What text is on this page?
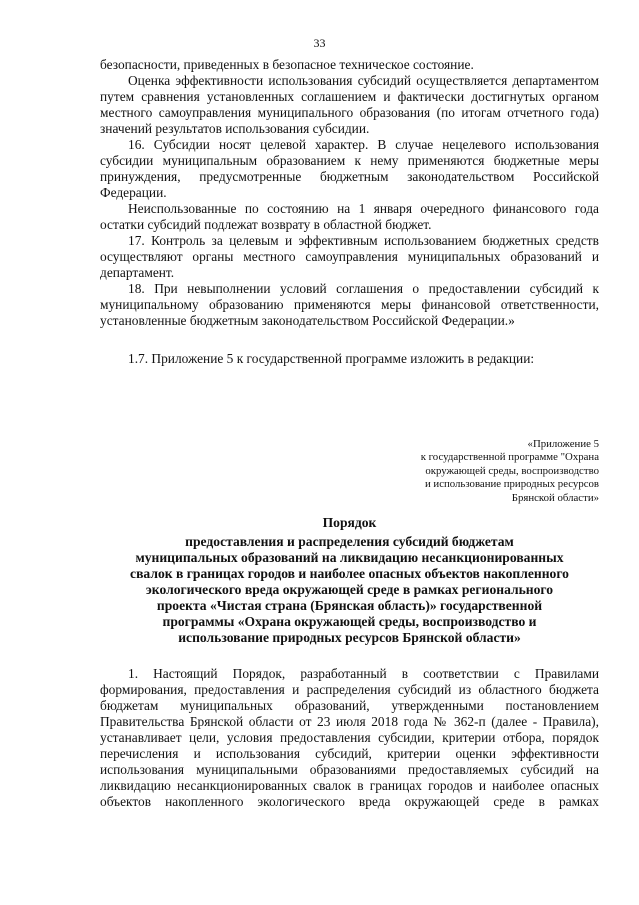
33

безопасности, приведенных в безопасное техническое состояние.

Оценка эффективности использования субсидий осуществляется департаментом путем сравнения установленных соглашением и фактически достигнутых органом местного самоуправления муниципального образования (по итогам отчетного года) значений результатов использования субсидии.

16. Субсидии носят целевой характер. В случае нецелевого использования субсидии муниципальным образованием к нему применяются бюджетные меры принуждения, предусмотренные бюджетным законодательством Российской Федерации.

Неиспользованные по состоянию на 1 января очередного финансового года остатки субсидий подлежат возврату в областной бюджет.

17. Контроль за целевым и эффективным использованием бюджетных средств осуществляют органы местного самоуправления муниципальных образований и департамент.

18. При невыполнении условий соглашения о предоставлении субсидий к муниципальному образованию применяются меры финансовой ответственности, установленные бюджетным законодательством Российской Федерации.»

1.7. Приложение 5 к государственной программе изложить в редакции:

«Приложение 5
к государственной программе "Охрана
окружающей среды, воспроизводство
и использование природных ресурсов
Брянской области»
Порядок
предоставления и распределения субсидий бюджетам
муниципальных образований на ликвидацию несанкционированных
свалок в границах городов и наиболее опасных объектов накопленного
экологического вреда окружающей среде в рамках регионального
проекта «Чистая страна (Брянская область)» государственной
программы «Охрана окружающей среды, воспроизводство и
использование природных ресурсов Брянской области»

1. Настоящий Порядок, разработанный в соответствии с Правилами формирования, предоставления и распределения субсидий из областного бюджета бюджетам муниципальных образований, утвержденными постановлением Правительства Брянской области от 23 июля 2018 года № 362-п (далее - Правила), устанавливает цели, условия предоставления субсидии, критерии отбора, порядок перечисления и использования субсидий, критерии оценки эффективности использования муниципальными образованиями предоставляемых субсидий на ликвидацию несанкционированных свалок в границах городов и наиболее опасных объектов накопленного экологического вреда окружающей среде в рамках
